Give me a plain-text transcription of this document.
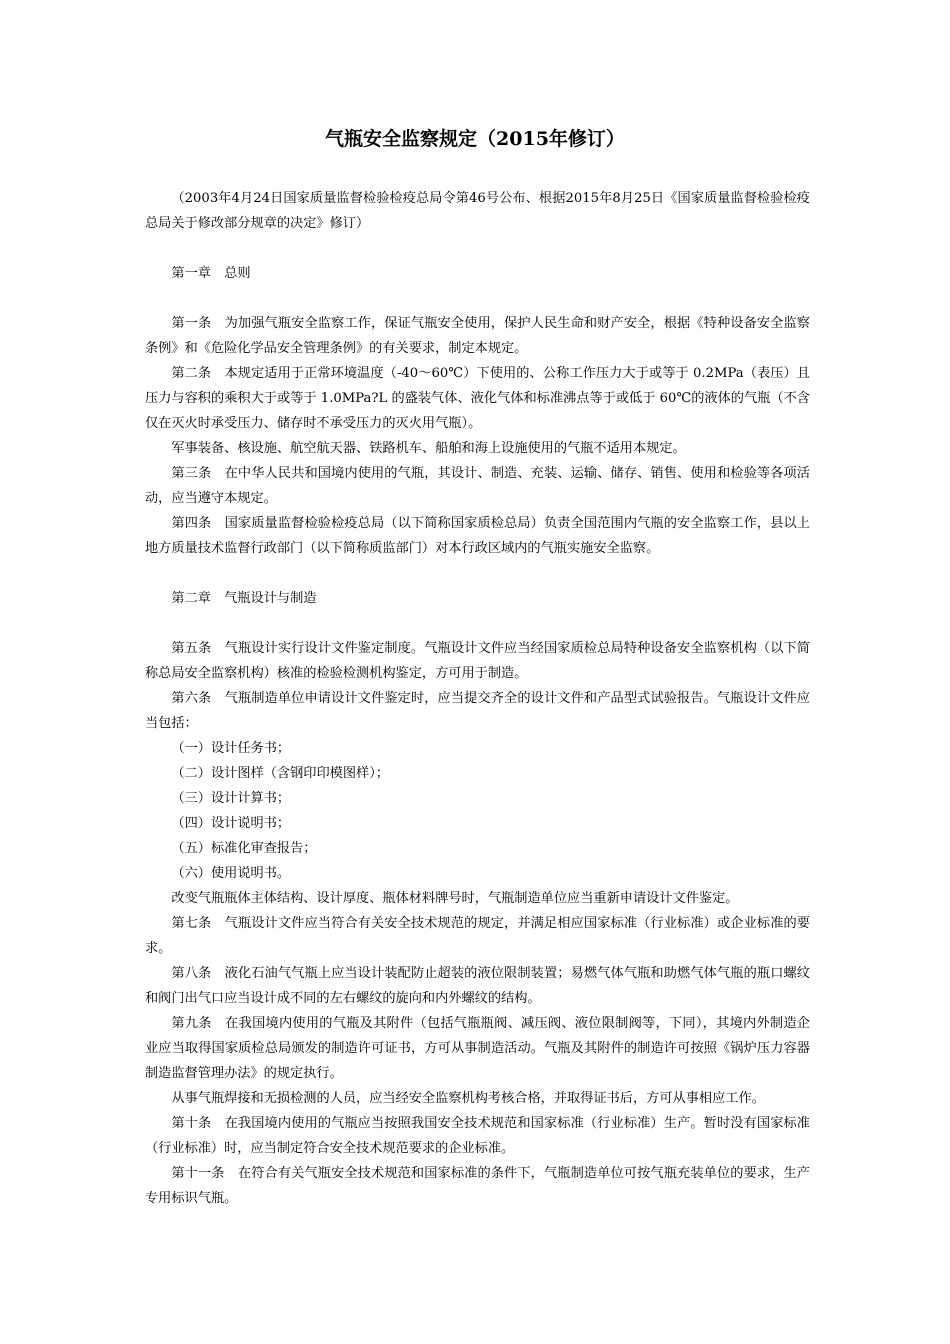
气瓶安全监察规定（2015年修订）

（2003年4月24日国家质量监督检验检疫总局令第46号公布、根据2015年8月25日《国家质量监督检验检疫总局关于修改部分规章的决定》修订）

第一章　总则

第一条　为加强气瓶安全监察工作，保证气瓶安全使用，保护人民生命和财产安全，根据《特种设备安全监察条例》和《危险化学品安全管理条例》的有关要求，制定本规定。

第二条　本规定适用于正常环境温度（-40～60℃）下使用的、公称工作压力大于或等于 0.2MPa（表压）且压力与容积的乘积大于或等于 1.0MPa?L 的盛装气体、液化气体和标准沸点等于或低于 60℃的液体的气瓶（不含仅在灭火时承受压力、储存时不承受压力的灭火用气瓶）。

军事装备、核设施、航空航天器、铁路机车、船舶和海上设施使用的气瓶不适用本规定。

第三条　在中华人民共和国境内使用的气瓶，其设计、制造、充装、运输、储存、销售、使用和检验等各项活动，应当遵守本规定。

第四条　国家质量监督检验检疫总局（以下简称国家质检总局）负责全国范围内气瓶的安全监察工作，县以上地方质量技术监督行政部门（以下简称质监部门）对本行政区域内的气瓶实施安全监察。

第二章　气瓶设计与制造

第五条　气瓶设计实行设计文件鉴定制度。气瓶设计文件应当经国家质检总局特种设备安全监察机构（以下简称总局安全监察机构）核准的检验检测机构鉴定，方可用于制造。

第六条　气瓶制造单位申请设计文件鉴定时，应当提交齐全的设计文件和产品型式试验报告。气瓶设计文件应当包括：

（一）设计任务书；

（二）设计图样（含钢印印模图样）；

（三）设计计算书；

（四）设计说明书；

（五）标准化审查报告；

（六）使用说明书。

改变气瓶瓶体主体结构、设计厚度、瓶体材料牌号时，气瓶制造单位应当重新申请设计文件鉴定。

第七条　气瓶设计文件应当符合有关安全技术规范的规定，并满足相应国家标准（行业标准）或企业标准的要求。

第八条　液化石油气气瓶上应当设计装配防止超装的液位限制装置；易燃气体气瓶和助燃气体气瓶的瓶口螺纹和阀门出气口应当设计成不同的左右螺纹的旋向和内外螺纹的结构。

第九条　在我国境内使用的气瓶及其附件（包括气瓶瓶阀、减压阀、液位限制阀等，下同），其境内外制造企业应当取得国家质检总局颁发的制造许可证书，方可从事制造活动。气瓶及其附件的制造许可按照《锅炉压力容器制造监督管理办法》的规定执行。

从事气瓶焊接和无损检测的人员，应当经安全监察机构考核合格，并取得证书后，方可从事相应工作。

第十条　在我国境内使用的气瓶应当按照我国安全技术规范和国家标准（行业标准）生产。暂时没有国家标准（行业标准）时，应当制定符合安全技术规范要求的企业标准。

第十一条　在符合有关气瓶安全技术规范和国家标准的条件下，气瓶制造单位可按气瓶充装单位的要求，生产专用标识气瓶。
